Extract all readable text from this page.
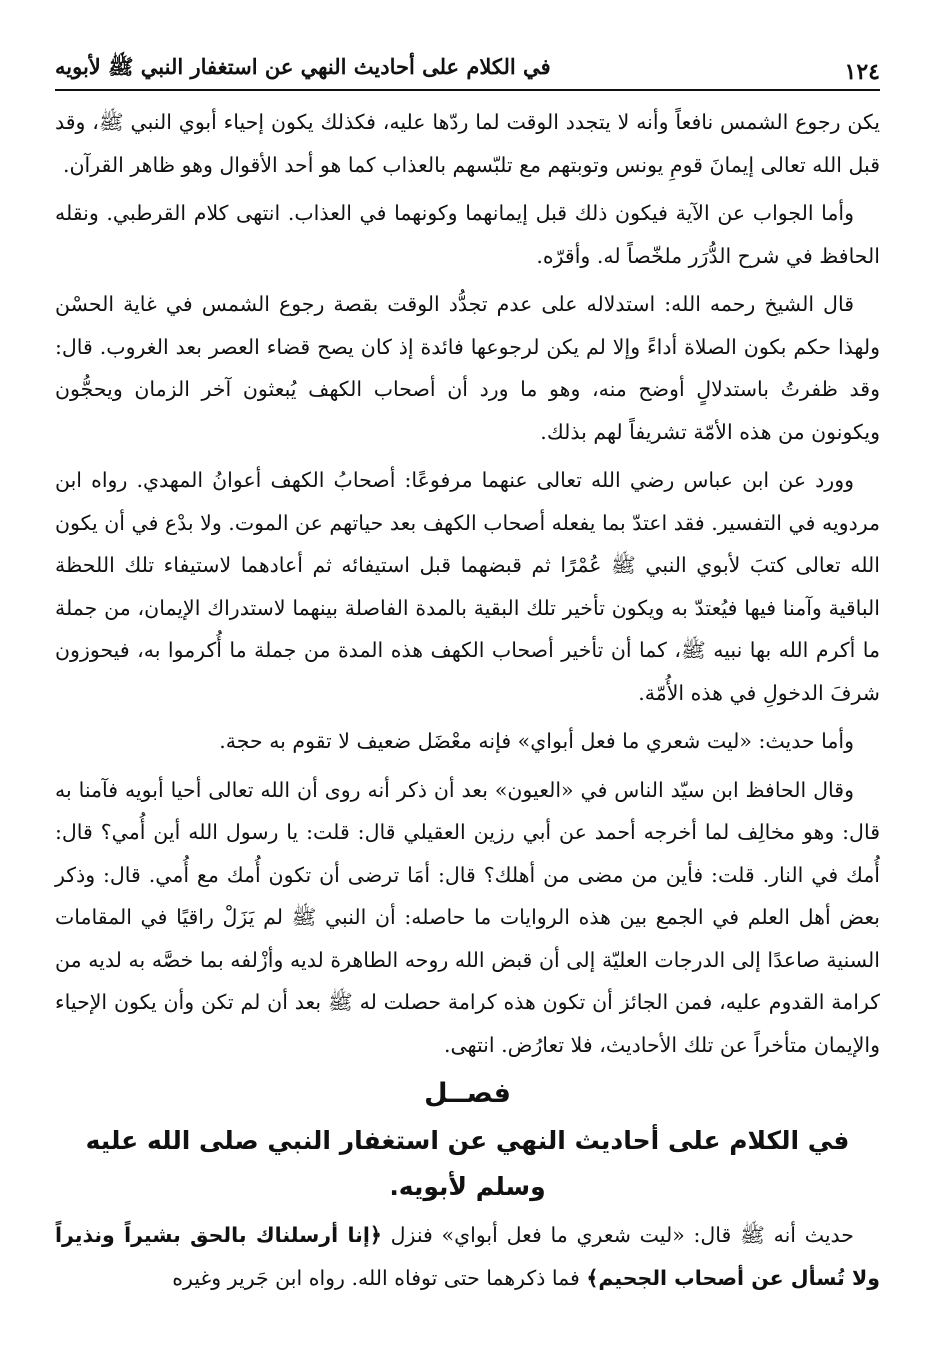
١٢٤
في الكلام على أحاديث النهي عن استغفار النبي ﷺ لأبويه

يكن رجوع الشمس نافعاً وأنه لا يتجدد الوقت لما ردّها عليه، فكذلك يكون إحياء أبوي النبي ﷺ، وقد قبل الله تعالى إيمانَ قومِ يونس وتوبتهم مع تلبّسهم بالعذاب كما هو أحد الأقوال وهو ظاهر القرآن.

وأما الجواب عن الآية فيكون ذلك قبل إيمانهما وكونهما في العذاب. انتهى كلام القرطبي. ونقله الحافظ في شرح الدُّرَر ملخّصاً له. وأقرّه.

قال الشيخ رحمه الله: استدلاله على عدم تجدُّد الوقت بقصة رجوع الشمس في غاية الحسْن ولهذا حكم بكون الصلاة أداءً وإلا لم يكن لرجوعها فائدة إذ كان يصح قضاء العصر بعد الغروب. قال: وقد ظفرتُ باستدلالٍ أوضح منه، وهو ما ورد أن أصحاب الكهف يُبعثون آخر الزمان ويحجُّون ويكونون من هذه الأمّة تشريفاً لهم بذلك.

وورد عن ابن عباس رضي الله تعالى عنهما مرفوعًا: أصحابُ الكهف أعوانُ المهدي. رواه ابن مردويه في التفسير. فقد اعتدّ بما يفعله أصحاب الكهف بعد حياتهم عن الموت. ولا بدْع في أن يكون الله تعالى كتبَ لأبوي النبي ﷺ عُمْرًا ثم قبضهما قبل استيفائه ثم أعادهما لاستيفاء تلك اللحظة الباقية وآمنا فيها فيُعتدّ به ويكون تأخير تلك البقية بالمدة الفاصلة بينهما لاستدراك الإيمان، من جملة ما أكرم الله بها نبيه ﷺ، كما أن تأخير أصحاب الكهف هذه المدة من جملة ما أُكرموا به، فيحوزون شرفَ الدخولِ في هذه الأُمّة.

وأما حديث: «ليت شعري ما فعل أبواي» فإنه معْضَل ضعيف لا تقوم به حجة.

وقال الحافظ ابن سيّد الناس في «العيون» بعد أن ذكر أنه روى أن الله تعالى أحيا أبويه فآمنا به قال: وهو مخالِف لما أخرجه أحمد عن أبي رزين العقيلي قال: قلت: يا رسول الله أين أُمي؟ قال: أُمك في النار. قلت: فأين من مضى من أهلك؟ قال: أمَا ترضى أن تكون أُمك مع أُمي. قال: وذكر بعض أهل العلم في الجمع بين هذه الروايات ما حاصله: أن النبي ﷺ لم يَزَلْ راقيًا في المقامات السنية صاعدًا إلى الدرجات العليّة إلى أن قبض الله روحه الطاهرة لديه وأزْلفه بما خصَّه به لديه من كرامة القدوم عليه، فمن الجائز أن تكون هذه كرامة حصلت له ﷺ بعد أن لم تكن وأن يكون الإحياء والإيمان متأخراً عن تلك الأحاديث، فلا تعارُض. انتهى.

فصــل
في الكلام على أحاديث النهي عن استغفار النبي صلى الله عليه وسلم لأبويه.

حديث أنه ﷺ قال: «ليت شعري ما فعل أبواي» فنزل ﴿إنا أرسلناك بالحق بشيراً ونذيراً ولا تُسأل عن أصحاب الجحيم﴾ فما ذكرهما حتى توفاه الله. رواه ابن جَرير وغيره
